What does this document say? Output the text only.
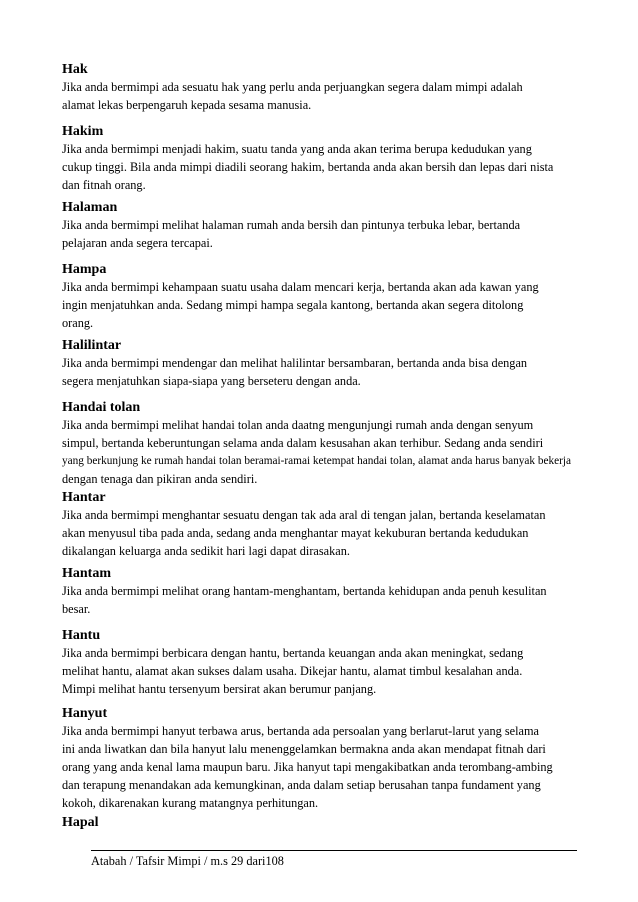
Hak

Jika anda bermimpi ada sesuatu hak yang perlu anda perjuangkan segera dalam mimpi adalah

alamat lekas berpengaruh kepada sesama manusia.

Hakim

Jika anda bermimpi menjadi hakim, suatu tanda yang anda akan terima berupa kedudukan yang

cukup tinggi. Bila anda mimpi diadili seorang hakim, bertanda anda akan bersih dan lepas dari nista

dan fitnah orang.

Halaman

Jika anda bermimpi melihat halaman rumah anda bersih dan pintunya terbuka lebar, bertanda

pelajaran anda segera tercapai.

Hampa

Jika anda bermimpi kehampaan suatu usaha dalam mencari kerja, bertanda akan ada kawan yang

ingin menjatuhkan anda. Sedang mimpi hampa segala kantong, bertanda akan segera ditolong

orang.

Halilintar

Jika anda bermimpi mendengar dan melihat halilintar bersambaran, bertanda anda bisa dengan

segera menjatuhkan siapa-siapa yang berseteru dengan anda.

Handai tolan

Jika anda bermimpi melihat handai tolan anda daatng mengunjungi rumah anda dengan senyum

simpul, bertanda keberuntungan selama anda dalam kesusahan akan terhibur. Sedang anda sendiri

yang berkunjung ke rumah handai tolan beramai-ramai ketempat handai tolan, alamat anda harus banyak bekerja

dengan tenaga dan pikiran anda sendiri.

Hantar

Jika anda bermimpi menghantar sesuatu dengan tak ada aral di tengan jalan, bertanda keselamatan

akan menyusul tiba pada anda, sedang anda menghantar mayat kekuburan bertanda kedudukan

dikalangan keluarga anda sedikit hari lagi dapat dirasakan.

Hantam

Jika anda bermimpi melihat orang hantam-menghantam, bertanda kehidupan anda penuh kesulitan

besar.

Hantu

Jika anda bermimpi berbicara dengan hantu, bertanda keuangan anda akan meningkat, sedang

melihat hantu, alamat akan sukses dalam usaha. Dikejar hantu, alamat timbul kesalahan anda.

Mimpi melihat hantu tersenyum bersirat akan berumur panjang.

Hanyut

Jika anda bermimpi hanyut terbawa arus, bertanda ada persoalan yang berlarut-larut yang selama

ini anda liwatkan dan bila hanyut lalu menenggelamkan bermakna anda akan mendapat fitnah dari

orang yang anda kenal lama maupun baru. Jika hanyut tapi mengakibatkan anda terombang-ambing

dan terapung menandakan ada kemungkinan, anda dalam setiap berusahan tanpa fundament yang

kokoh, dikarenakan kurang matangnya perhitungan.

Hapal
Atabah / Tafsir Mimpi / m.s 29 dari108
